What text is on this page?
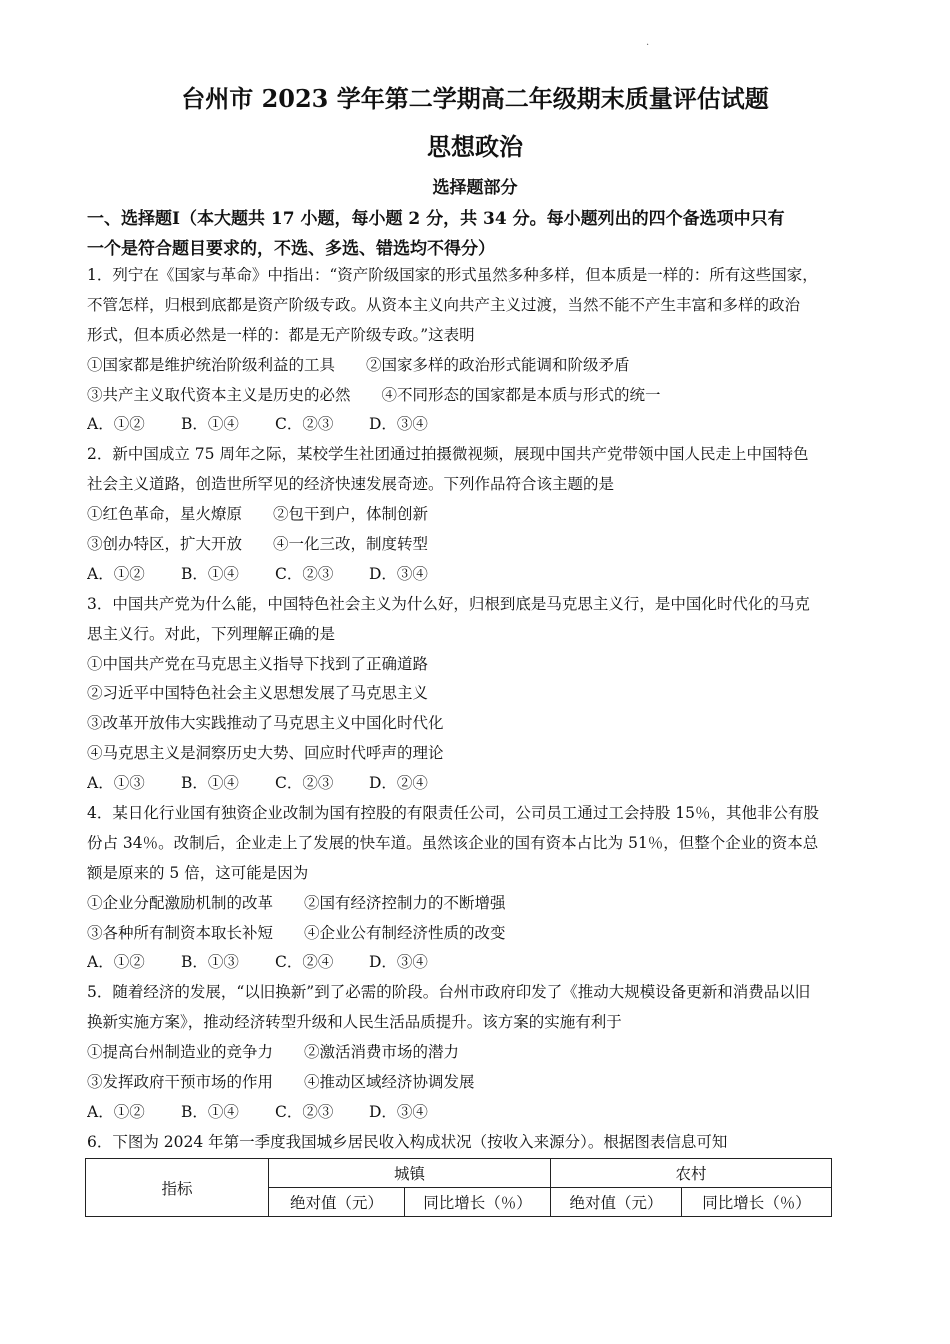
.
台州市 2023 学年第二学期高二年级期末质量评估试题
思想政治
选择题部分
一、选择题Ⅰ（本大题共 17 小题，每小题 2 分，共 34 分。每小题列出的四个备选项中只有
一个是符合题目要求的，不选、多选、错选均不得分）
1．列宁在《国家与革命》中指出：“资产阶级国家的形式虽然多种多样，但本质是一样的：所有这些国家，
不管怎样，归根到底都是资产阶级专政。从资本主义向共产主义过渡，当然不能不产生丰富和多样的政治
形式，但本质必然是一样的：都是无产阶级专政。”这表明
①国家都是维护统治阶级利益的工具　　②国家多样的政治形式能调和阶级矛盾
③共产主义取代资本主义是历史的必然　　④不同形态的国家都是本质与形式的统一
A．①② B．①④ C．②③ D．③④
2．新中国成立 75 周年之际，某校学生社团通过拍摄微视频，展现中国共产党带领中国人民走上中国特色
社会主义道路，创造世所罕见的经济快速发展奇迹。下列作品符合该主题的是
①红色革命，星火燎原　　②包干到户，体制创新
③创办特区，扩大开放　　④一化三改，制度转型
A．①② B．①④ C．②③ D．③④
3．中国共产党为什么能，中国特色社会主义为什么好，归根到底是马克思主义行，是中国化时代化的马克
思主义行。对此，下列理解正确的是
①中国共产党在马克思主义指导下找到了正确道路
②习近平中国特色社会主义思想发展了马克思主义
③改革开放伟大实践推动了马克思主义中国化时代化
④马克思主义是洞察历史大势、回应时代呼声的理论
A．①③ B．①④ C．②③ D．②④
4．某日化行业国有独资企业改制为国有控股的有限责任公司，公司员工通过工会持股 15％，其他非公有股
份占 34％。改制后，企业走上了发展的快车道。虽然该企业的国有资本占比为 51％，但整个企业的资本总
额是原来的 5 倍，这可能是因为
①企业分配激励机制的改革　　②国有经济控制力的不断增强
③各种所有制资本取长补短　　④企业公有制经济性质的改变
A．①② B．①③ C．②④ D．③④
5．随着经济的发展，“以旧换新”到了必需的阶段。台州市政府印发了《推动大规模设备更新和消费品以旧
换新实施方案》，推动经济转型升级和人民生活品质提升。该方案的实施有利于
①提高台州制造业的竞争力　　②激活消费市场的潜力
③发挥政府干预市场的作用　　④推动区域经济协调发展
A．①② B．①④ C．②③ D．③④
6．下图为 2024 年第一季度我国城乡居民收入构成状况（按收入来源分）。根据图表信息可知
指标	城镇		农村	
	绝对值（元）	同比增长（％）	绝对值（元）	同比增长（％）
